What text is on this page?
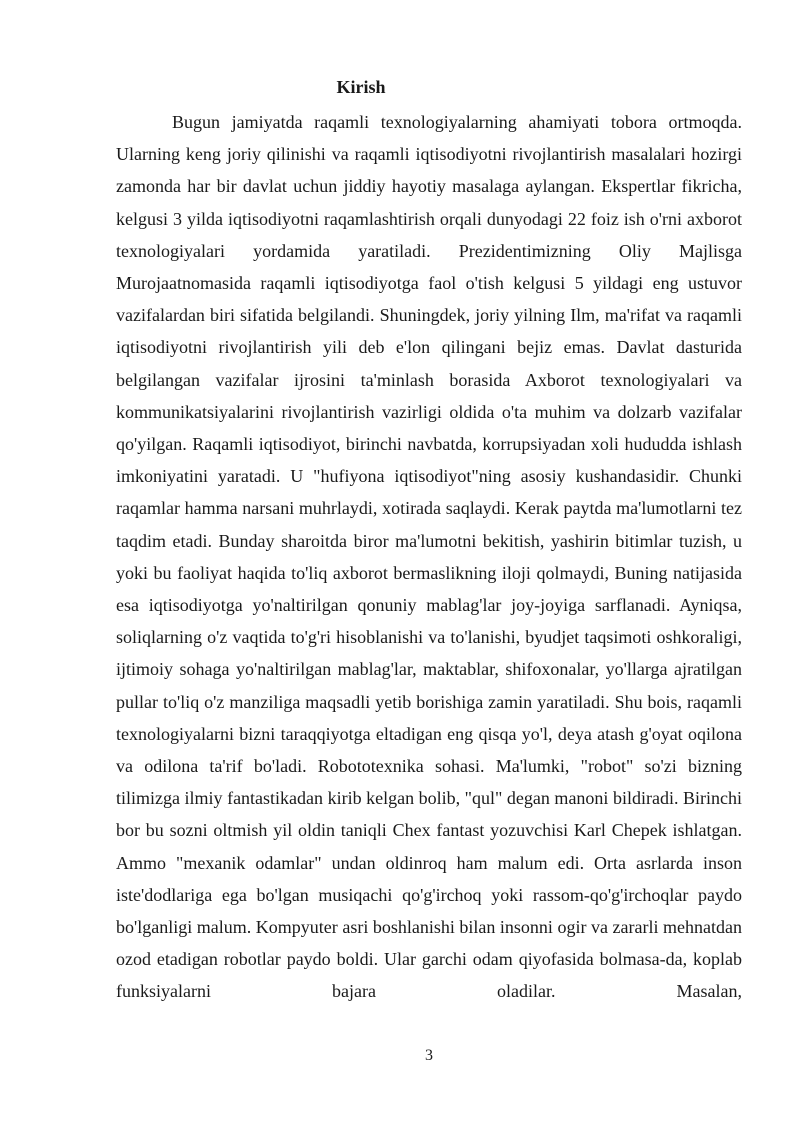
Kirish

Bugun jamiyatda raqamli texnologiyalarning ahamiyati tobora ortmoqda. Ularning keng joriy qilinishi va raqamli iqtisodiyotni rivojlantirish masalalari hozirgi zamonda har bir davlat uchun jiddiy hayotiy masalaga aylangan. Ekspertlar fikricha, kelgusi 3 yilda iqtisodiyotni raqamlashtirish orqali dunyodagi 22 foiz ish o'rni axborot texnologiyalari yordamida yaratiladi. Prezidentimizning Oliy Majlisga Murojaatnomasida raqamli iqtisodiyotga faol o'tish kelgusi 5 yildagi eng ustuvor vazifalardan biri sifatida belgilandi. Shuningdek, joriy yilning Ilm, ma'rifat va raqamli iqtisodiyotni rivojlantirish yili deb e'lon qilingani bejiz emas. Davlat dasturida belgilangan vazifalar ijrosini ta'minlash borasida Axborot texnologiyalari va kommunikatsiyalarini rivojlantirish vazirligi oldida o'ta muhim va dolzarb vazifalar qo'yilgan. Raqamli iqtisodiyot, birinchi navbatda, korrupsiyadan xoli hududda ishlash imkoniyatini yaratadi. U "hufiyona iqtisodiyot"ning asosiy kushandasidir. Chunki raqamlar hamma narsani muhrlaydi, xotirada saqlaydi. Kerak paytda ma'lumotlarni tez taqdim etadi. Bunday sharoitda biror ma'lumotni bekitish, yashirin bitimlar tuzish, u yoki bu faoliyat haqida to'liq axborot bermaslikning iloji qolmaydi, Buning natijasida esa iqtisodiyotga yo'naltirilgan qonuniy mablag'lar joy-joyiga sarflanadi. Ayniqsa, soliqlarning o'z vaqtida to'g'ri hisoblanishi va to'lanishi, byudjet taqsimoti oshkoraligi, ijtimoiy sohaga yo'naltirilgan mablag'lar, maktablar, shifoxonalar, yo'llarga ajratilgan pullar to'liq o'z manziliga maqsadli yetib borishiga zamin yaratiladi. Shu bois, raqamli texnologiyalarni bizni taraqqiyotga eltadigan eng qisqa yo'l, deya atash g'oyat oqilona va odilona ta'rif bo'ladi. Robototexnika sohasi. Ma'lumki, "robot" so'zi bizning tilimizga ilmiy fantastikadan kirib kelgan bolib, "qul" degan manoni bildiradi. Birinchi bor bu sozni oltmish yil oldin taniqli Chex fantast yozuvchisi Karl Chepek ishlatgan. Ammo "mexanik odamlar" undan oldinroq ham malum edi. Orta asrlarda inson iste'dodlariga ega bo'lgan musiqachi qo'g'irchoq yoki rassom-qo'g'irchoqlar paydo bo'lganligi malum. Kompyuter asri boshlanishi bilan insonni ogir va zararli mehnatdan ozod etadigan robotlar paydo boldi. Ular garchi odam qiyofasida bolmasa-da, koplab funksiyalarni bajara oladilar. Masalan,

3
